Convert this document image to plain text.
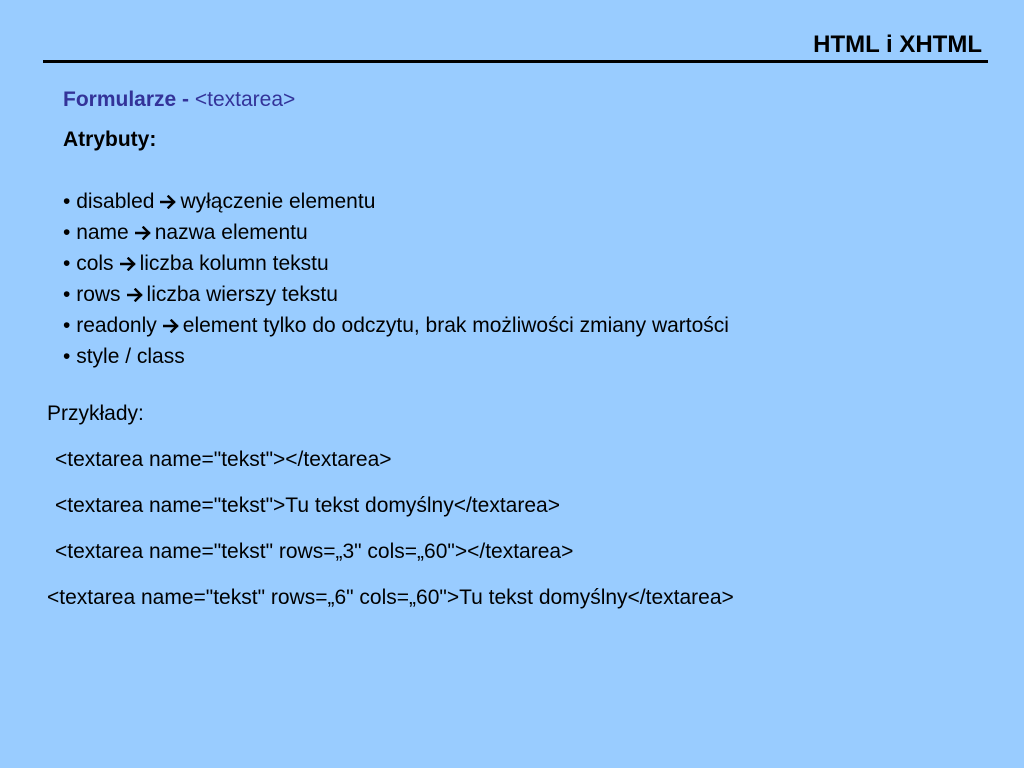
HTML i XHTML
Formularze - <textarea>
Atrybuty:
• disabled wyłączenie elementu
• name nazwa elementu
• cols liczba kolumn tekstu
• rows liczba wierszy tekstu
• readonly element tylko do odczytu, brak możliwości zmiany wartości
• style / class
Przykłady:
<textarea name="tekst"></textarea>
<textarea name="tekst">Tu tekst domyślny</textarea>
<textarea name="tekst" rows=„3" cols=„60"></textarea>
<textarea name="tekst" rows=„6" cols=„60">Tu tekst domyślny</textarea>
